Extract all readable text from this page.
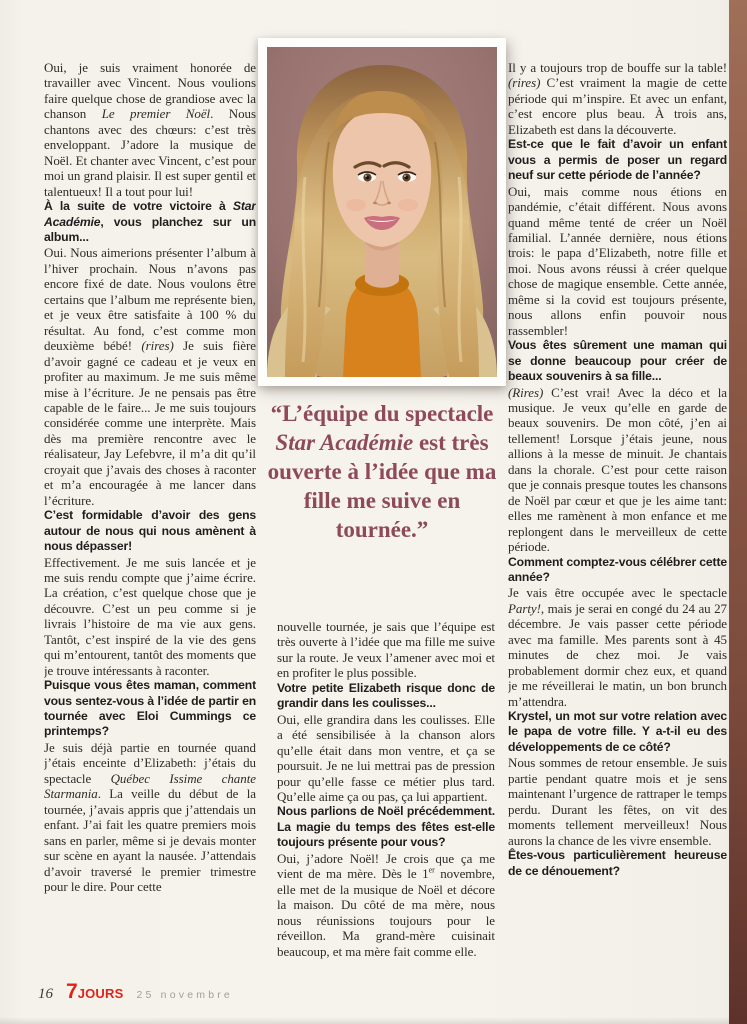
“L’équipe du spectacle Star Académie est très ouverte à l’idée que ma fille me suive en tournée.”

Oui, je suis vraiment honorée de travailler avec Vincent. Nous voulions faire quelque chose de grandiose avec la chanson Le premier Noël. Nous chantons avec des chœurs: c’est très enveloppant. J’adore la musique de Noël. Et chanter avec Vincent, c’est pour moi un grand plaisir. Il est super gentil et talentueux! Il a tout pour lui!

À la suite de votre victoire à Star Académie, vous planchez sur un album...

Oui. Nous aimerions présenter l’album à l’hiver prochain. Nous n’avons pas encore fixé de date. Nous voulons être certains que l’album me représente bien, et je veux être satisfaite à 100 % du résultat. Au fond, c’est comme mon deuxième bébé! (rires) Je suis fière d’avoir gagné ce cadeau et je veux en profiter au maximum. Je me suis même mise à l’écriture. Je ne pensais pas être capable de le faire... Je me suis toujours considérée comme une interprète. Mais dès ma première rencontre avec le réalisateur, Jay Lefebvre, il m’a dit qu’il croyait que j’avais des choses à raconter et m’a encouragée à me lancer dans l’écriture.

C’est formidable d’avoir des gens autour de nous qui nous amènent à nous dépasser!

Effectivement. Je me suis lancée et je me suis rendu compte que j’aime écrire. La création, c’est quelque chose que je découvre. C’est un peu comme si je livrais l’histoire de ma vie aux gens. Tantôt, c’est inspiré de la vie des gens qui m’entourent, tantôt des moments que je trouve intéressants à raconter.

Puisque vous êtes maman, comment vous sentez-vous à l’idée de partir en tournée avec Eloi Cummings ce printemps?

Je suis déjà partie en tournée quand j’étais enceinte d’Elizabeth: j’étais du spectacle Québec Issime chante Starmania. La veille du début de la tournée, j’avais appris que j’attendais un enfant. J’ai fait les quatre premiers mois sans en parler, même si je devais monter sur scène en ayant la nausée. J’attendais d’avoir traversé le premier trimestre pour le dire. Pour cette

nouvelle tournée, je sais que l’équipe est très ouverte à l’idée que ma fille me suive sur la route. Je veux l’amener avec moi et en profiter le plus possible.

Votre petite Elizabeth risque donc de grandir dans les coulisses...

Oui, elle grandira dans les coulisses. Elle a été sensibilisée à la chanson alors qu’elle était dans mon ventre, et ça se poursuit. Je ne lui mettrai pas de pression pour qu’elle fasse ce métier plus tard. Qu’elle aime ça ou pas, ça lui appartient.

Nous parlions de Noël précédemment. La magie du temps des fêtes est-elle toujours présente pour vous?

Oui, j’adore Noël! Je crois que ça me vient de ma mère. Dès le 1er novembre, elle met de la musique de Noël et décore la maison. Du côté de ma mère, nous nous réunissions toujours pour le réveillon. Ma grand-mère cuisinait beaucoup, et ma mère fait comme elle.

Il y a toujours trop de bouffe sur la table! (rires) C’est vraiment la magie de cette période qui m’inspire. Et avec un enfant, c’est encore plus beau. À trois ans, Elizabeth est dans la découverte.

Est-ce que le fait d’avoir un enfant vous a permis de poser un regard neuf sur cette période de l’année?

Oui, mais comme nous étions en pandémie, c’était différent. Nous avons quand même tenté de créer un Noël familial. L’année dernière, nous étions trois: le papa d’Elizabeth, notre fille et moi. Nous avons réussi à créer quelque chose de magique ensemble. Cette année, même si la covid est toujours présente, nous allons enfin pouvoir nous rassembler!

Vous êtes sûrement une maman qui se donne beaucoup pour créer de beaux souvenirs à sa fille...

(Rires) C’est vrai! Avec la déco et la musique. Je veux qu’elle en garde de beaux souvenirs. De mon côté, j’en ai tellement! Lorsque j’étais jeune, nous allions à la messe de minuit. Je chantais dans la chorale. C’est pour cette raison que je connais presque toutes les chansons de Noël par cœur et que je les aime tant: elles me ramènent à mon enfance et me replongent dans le merveilleux de cette période.

Comment comptez-vous célébrer cette année?

Je vais être occupée avec le spectacle Party!, mais je serai en congé du 24 au 27 décembre. Je vais passer cette période avec ma famille. Mes parents sont à 45 minutes de chez moi. Je vais probablement dormir chez eux, et quand je me réveillerai le matin, un bon brunch m’attendra.

Krystel, un mot sur votre relation avec le papa de votre fille. Y a-t-il eu des développements de ce côté?

Nous sommes de retour ensemble. Je suis partie pendant quatre mois et je sens maintenant l’urgence de rattraper le temps perdu. Durant les fêtes, on vit des moments tellement merveilleux! Nous aurons la chance de les vivre ensemble.

Êtes-vous particulièrement heureuse de ce dénouement?

16 7JOURS 25 novembre
